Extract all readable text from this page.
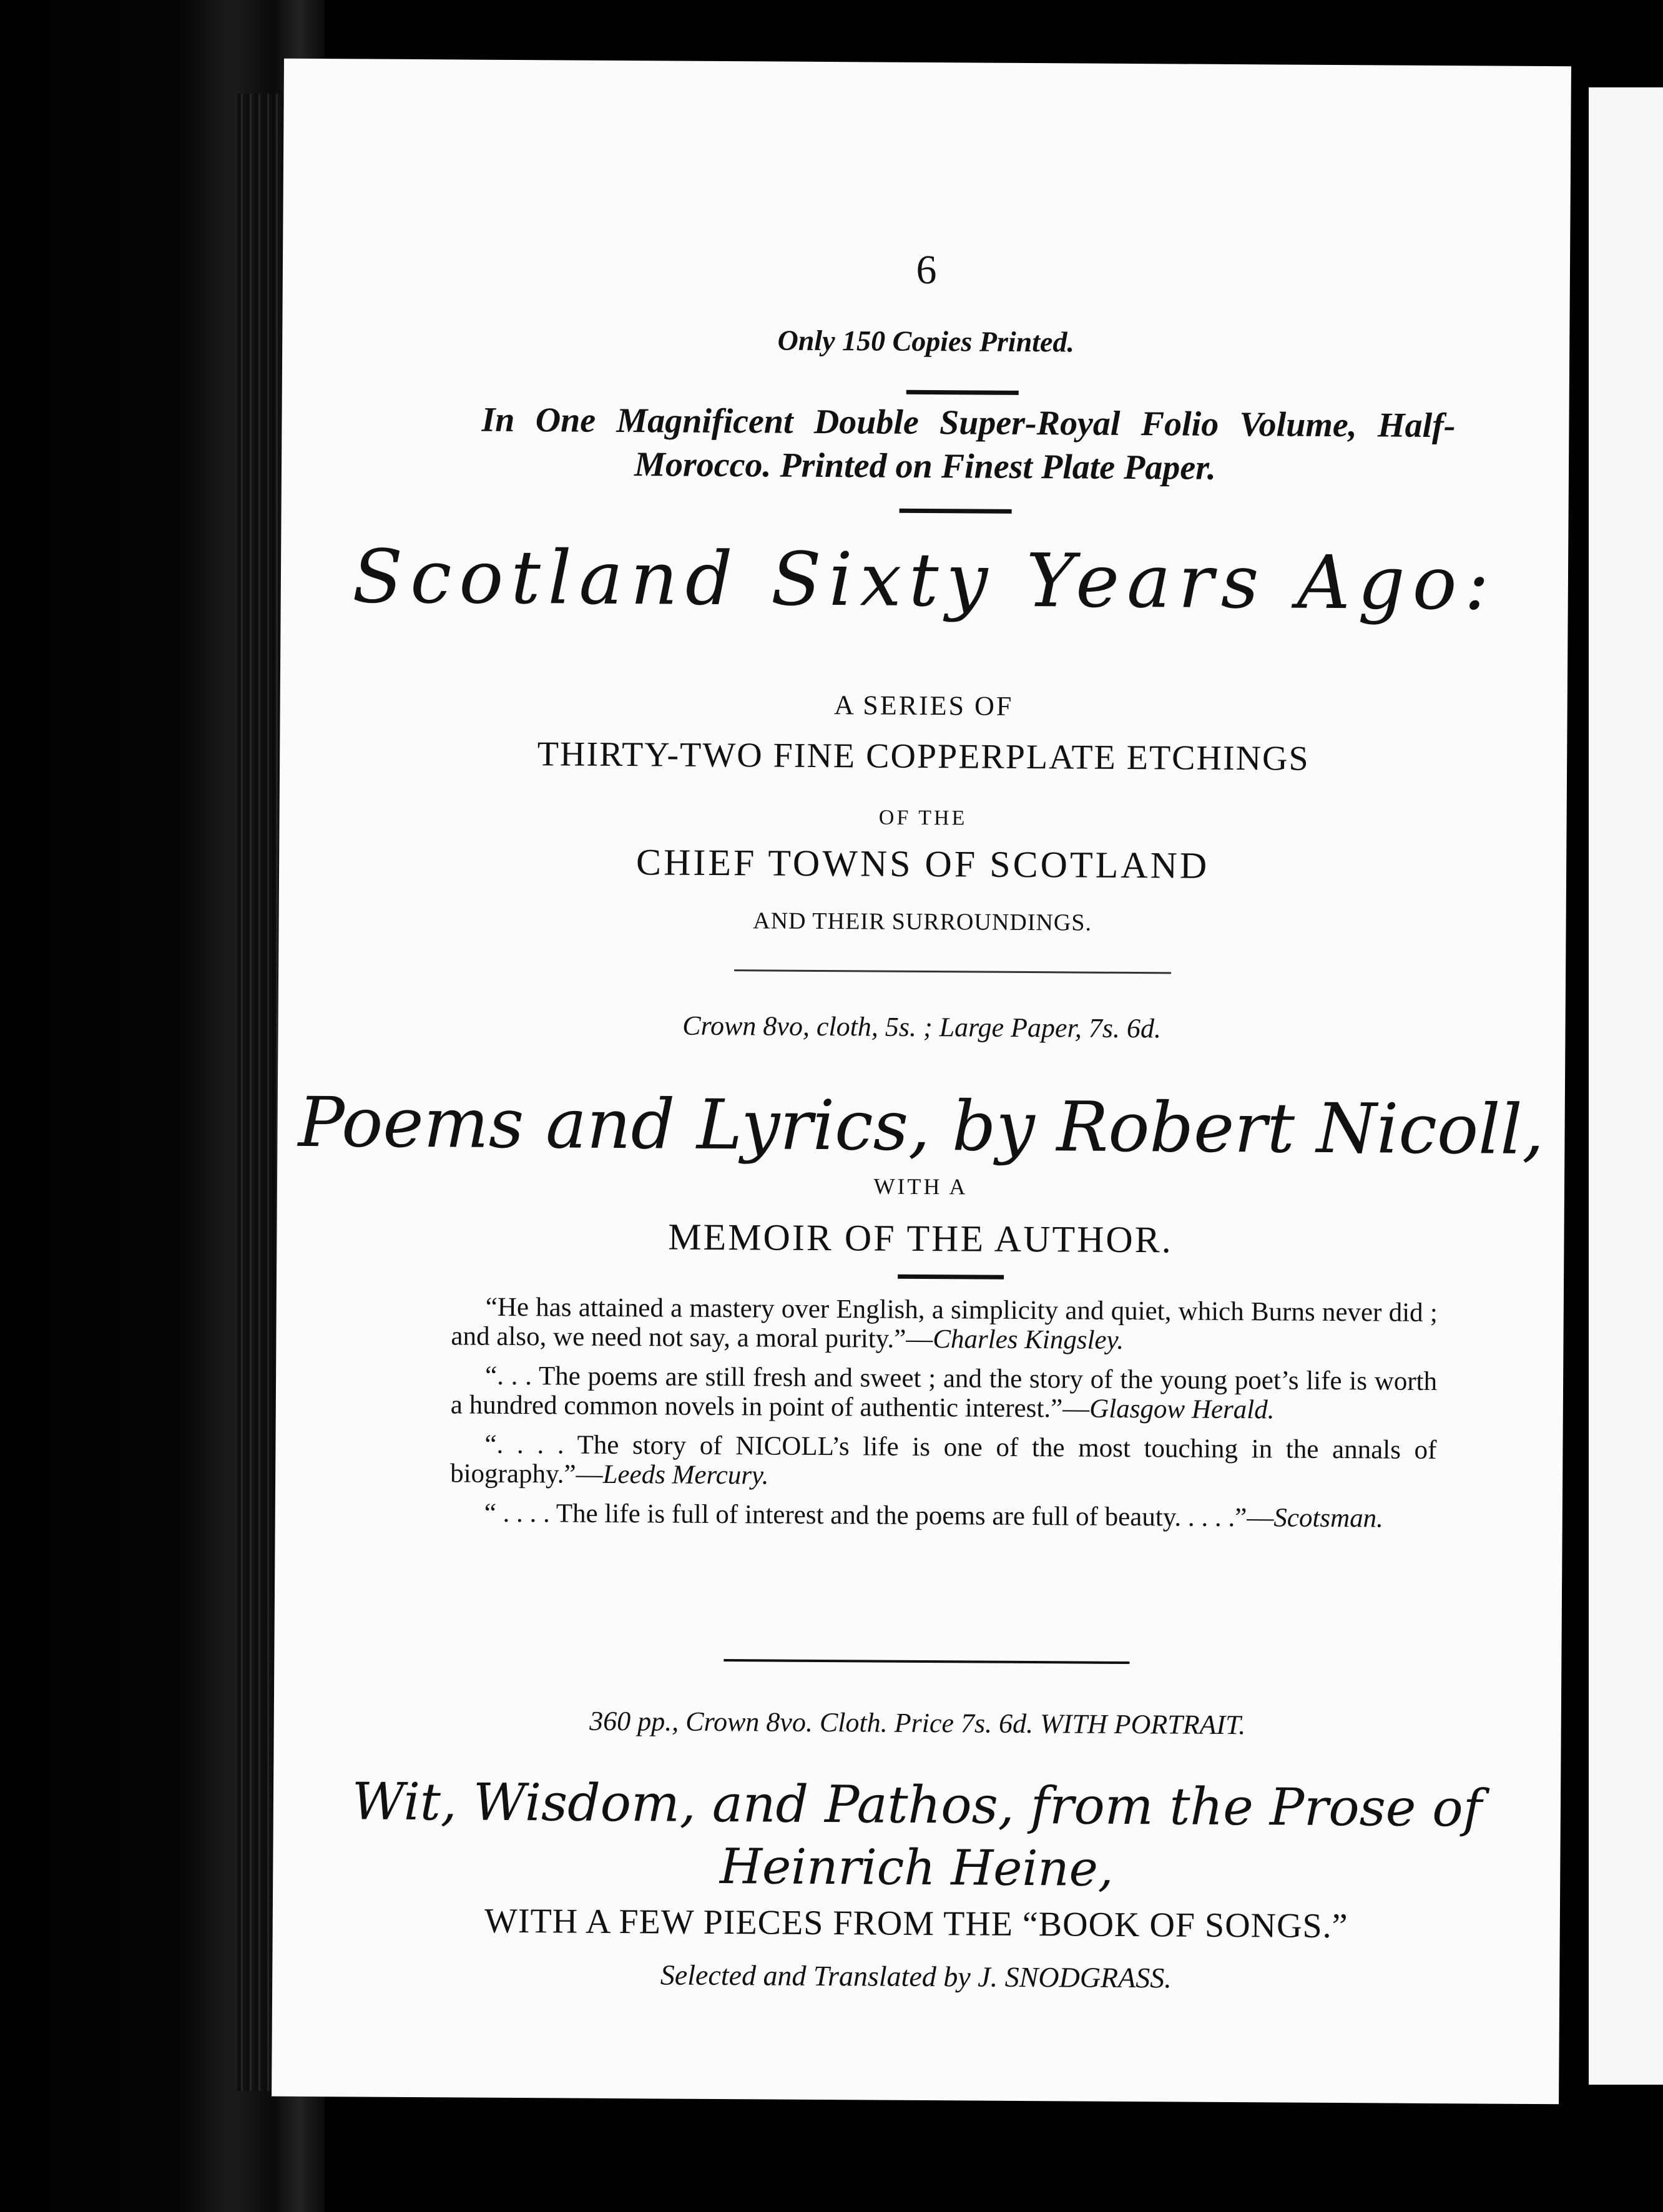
6
Only 150 Copies Printed.
In One Magnificent Double Super-Royal Folio Volume, Half-
Morocco. Printed on Finest Plate Paper.
Scotland Sixty Years Ago:
A SERIES OF
THIRTY-TWO FINE COPPERPLATE ETCHINGS
OF THE
CHIEF TOWNS OF SCOTLAND
AND THEIR SURROUNDINGS.
Crown 8vo, cloth, 5s. ; Large Paper, 7s. 6d.
Poems and Lyrics, by Robert Nicoll,
WITH A
MEMOIR OF THE AUTHOR.

“He has attained a mastery over English, a simplicity and quiet, which Burns never did ; and also, we need not say, a moral purity.”—Charles Kingsley.

“. . . The poems are still fresh and sweet ; and the story of the young poet’s life is worth a hundred common novels in point of authentic interest.”—Glasgow Herald.

“. . . . The story of NICOLL’s life is one of the most touching in the annals of biography.”—Leeds Mercury.

“ . . . . The life is full of interest and the poems are full of beauty. . . . .”—Scotsman.

360 pp., Crown 8vo. Cloth. Price 7s. 6d. WITH PORTRAIT.
Wit, Wisdom, and Pathos, from the Prose of
Heinrich Heine,
WITH A FEW PIECES FROM THE “BOOK OF SONGS.”
Selected and Translated by J. SNODGRASS.
